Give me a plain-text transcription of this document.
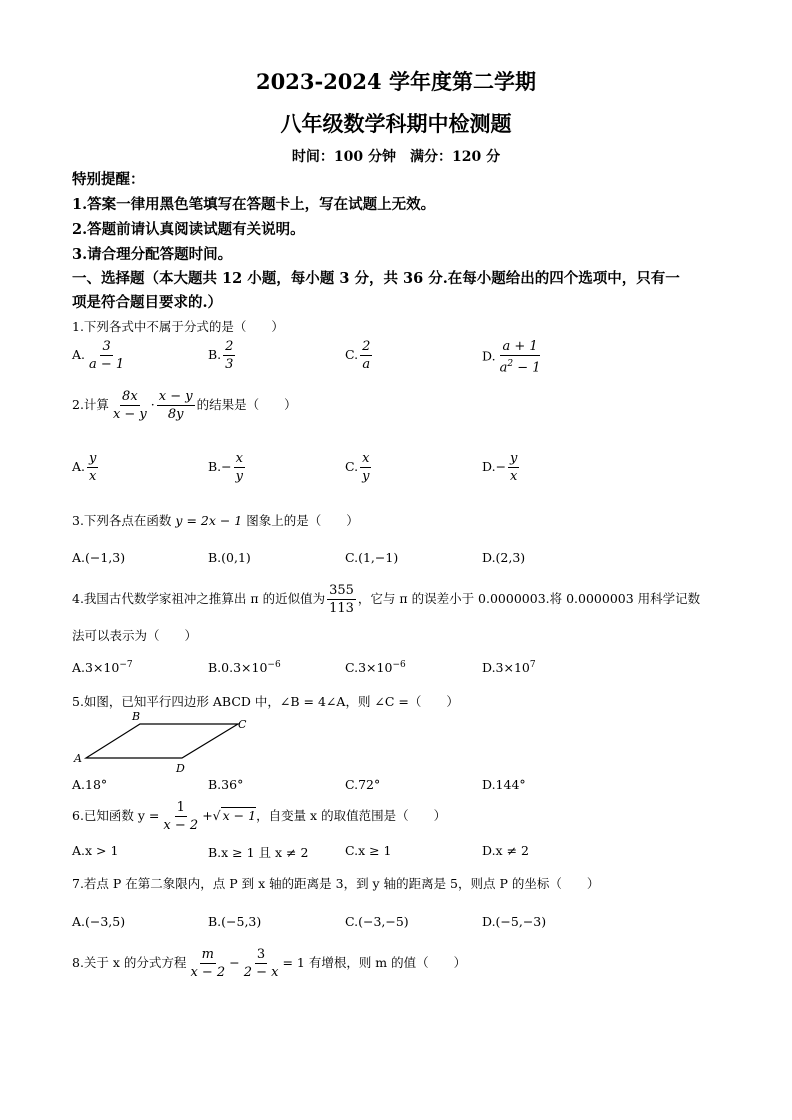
2023-2024 学年度第二学期
八年级数学科期中检测题
时间：100 分钟　满分：120 分
特别提醒：
1.答案一律用黑色笔填写在答题卡上，写在试题上无效。
2.答题前请认真阅读试题有关说明。
3.请合理分配答题时间。
一、选择题（本大题共 12 小题，每小题 3 分，共 36 分.在每小题给出的四个选项中，只有一
项是符合题目要求的.）
1.下列各式中不属于分式的是（　　）
A. $\frac{3}{a - 1}$	B. $\frac{2}{3}$	C. $\frac{2}{a}$	D. $\frac{a + 1}{a^2 - 1}$
2.计算 $\frac{8x}{x - y} \cdot \frac{x - y}{8y}$ 的结果是（　　）
A. $\frac{y}{x}$	$B.- \frac{x}{y}$	C. $\frac{x}{y}$	$D.- \frac{y}{x}$
3.下列各点在函数 y = 2x − 1 图象上的是（　　）
A.(−1,3)	B.(0,1)	C.(1,−1)	D.(2,3)
4.我国古代数学家祖冲之推算出 π 的近似值为 $\frac{355}{113}$ ，它与 π 的误差小于 0.0000003.将 0.0000003 用科学记数
法可以表示为（　　）
$A.3\times 10^{-7}$	$B.0.3\times 10^{-6}$	$C.3\times 10^{-6}$	$D.3\times 10^7$
5.如图，已知平行四边形 ABCD 中，∠B = 4∠A，则 ∠C =（　　）
A
B
C
D
A.18°	B.36°	C.72°	D.144°
6.已知函数 $y = \frac{1}{x - 2}$ +√ x − 1，自变量 x 的取值范围是（　　）
A.x > 1	B.x ≥ 1 且 x ≠ 2	C.x ≥ 1	D.x ≠ 2
7.若点 P 在第二象限内，点 P 到 x 轴的距离是 3，到 y 轴的距离是 5，则点 P 的坐标（　　）
A.(−3,5)	B.(−5,3)	C.(−3,−5)	D.(−5,−3)
8.关于 x 的分式方程 $\frac{m}{x - 2} - \frac{3}{2 - x} = 1$ 有增根，则 m 的值（　　）
